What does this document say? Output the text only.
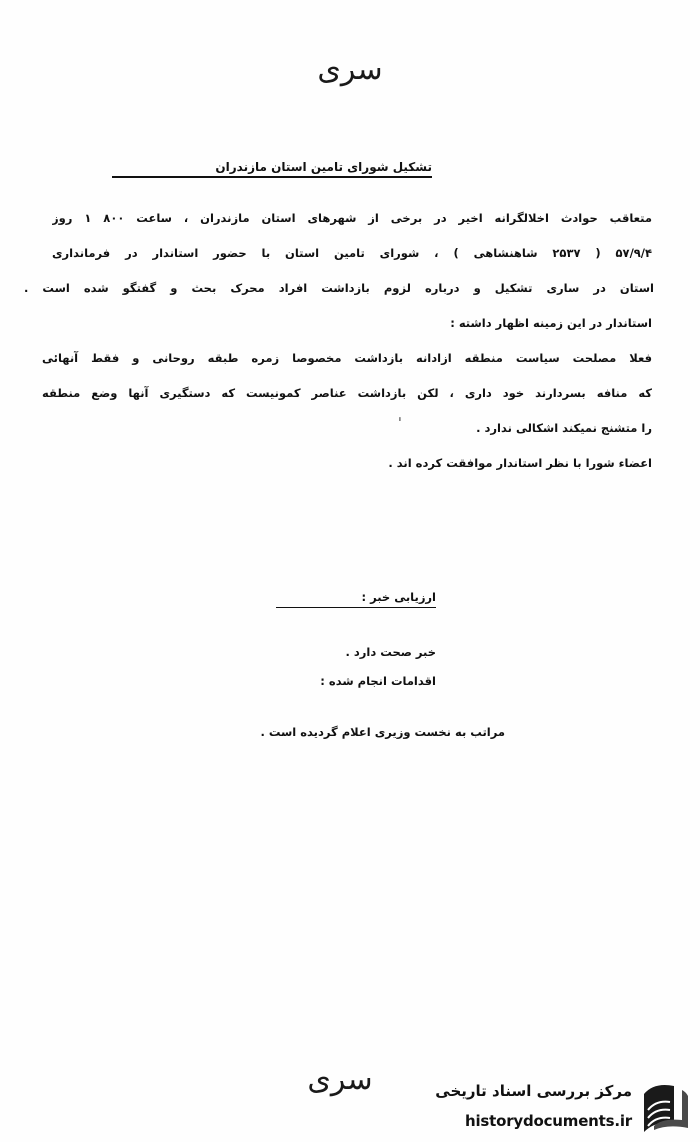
سری
تشکیل شورای تامین استان مازندران
متعاقب حوادث اخلالگرانه اخیر در برخی از شهرهای استان مازندران ، ساعت ۸۰۰ ۱ روز
۵۷/۹/۴ ( ۲۵۳۷ شاهنشاهی ) ، شورای تامین استان با حضور استاندار در فرمانداری
استان در ساری تشکیل و درباره لزوم بازداشت افراد محرک بحث و گفتگو شده است .
استاندار در این زمینه اظهار داشته :
فعلا مصلحت سیاست منطقه ازادانه بازداشت مخصوصا زمره طبقه روحانی و فقط آنهائی
که منافه بسردارند خود داری ، لکن بازداشت عناصر کمونیست که دستگیری آنها وضع منطقه
را متشنج نمیکند اشکالی ندارد .
اعضاء شورا با نظر استاندار موافقت کرده اند .
ˈ
ارزیابی خبر :
خبر صحت دارد .
اقدامات انجام شده :
مراتب به نخست وزیری اعلام گردیده است .
سری	مرکز بررسی اسناد تاریخی
historydocuments.ir
